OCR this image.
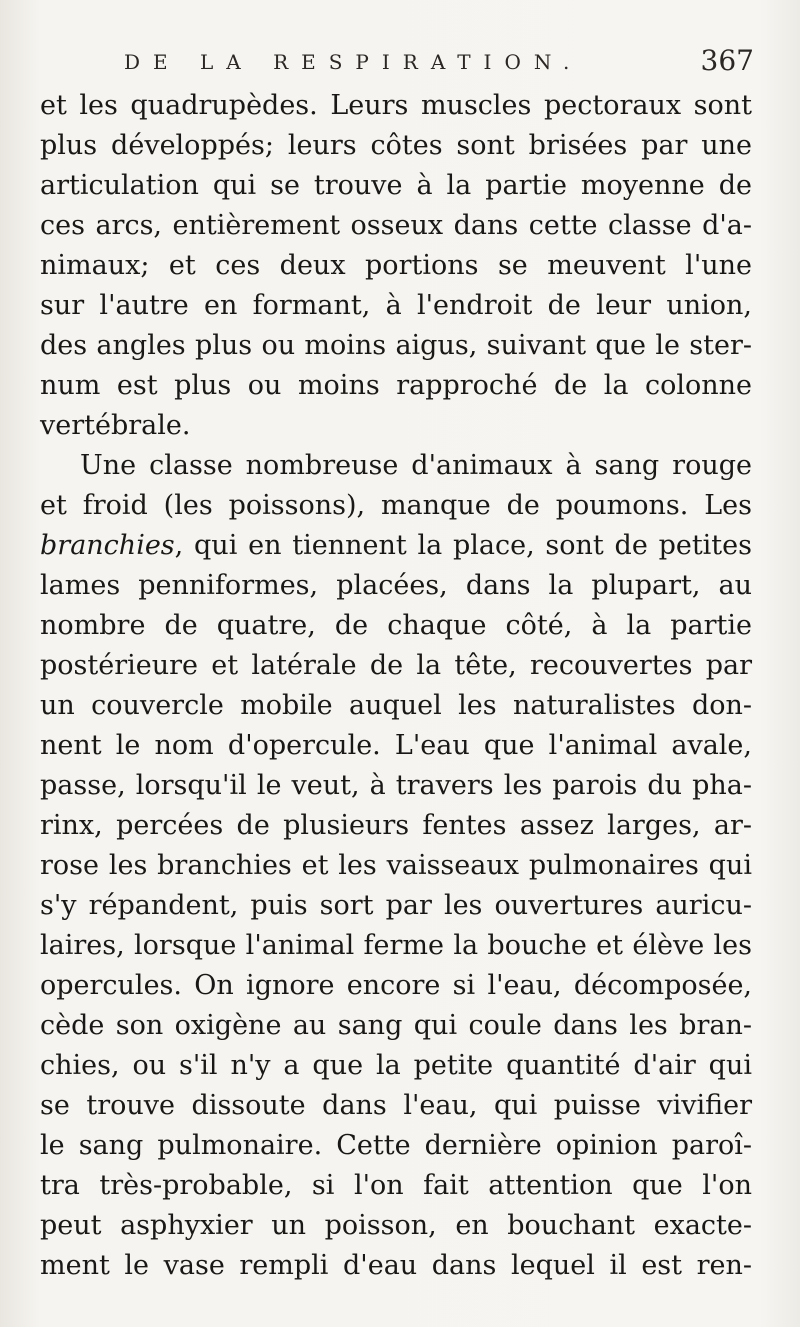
DE LA RESPIRATION.	367
et les quadrupèdes. Leurs muscles pectoraux sont
plus développés; leurs côtes sont brisées par une
articulation qui se trouve à la partie moyenne de
ces arcs, entièrement osseux dans cette classe d'a-
nimaux; et ces deux portions se meuvent l'une
sur l'autre en formant, à l'endroit de leur union,
des angles plus ou moins aigus, suivant que le ster-
num est plus ou moins rapproché de la colonne
vertébrale.
Une classe nombreuse d'animaux à sang rouge
et froid (les poissons), manque de poumons. Les
branchies, qui en tiennent la place, sont de petites
lames penniformes, placées, dans la plupart, au
nombre de quatre, de chaque côté, à la partie
postérieure et latérale de la tête, recouvertes par
un couvercle mobile auquel les naturalistes don-
nent le nom d'opercule. L'eau que l'animal avale,
passe, lorsqu'il le veut, à travers les parois du pha-
rinx, percées de plusieurs fentes assez larges, ar-
rose les branchies et les vaisseaux pulmonaires qui
s'y répandent, puis sort par les ouvertures auricu-
laires, lorsque l'animal ferme la bouche et élève les
opercules. On ignore encore si l'eau, décomposée,
cède son oxigène au sang qui coule dans les bran-
chies, ou s'il n'y a que la petite quantité d'air qui
se trouve dissoute dans l'eau, qui puisse vivifier
le sang pulmonaire. Cette dernière opinion paroî-
tra très-probable, si l'on fait attention que l'on
peut asphyxier un poisson, en bouchant exacte-
ment le vase rempli d'eau dans lequel il est ren-
